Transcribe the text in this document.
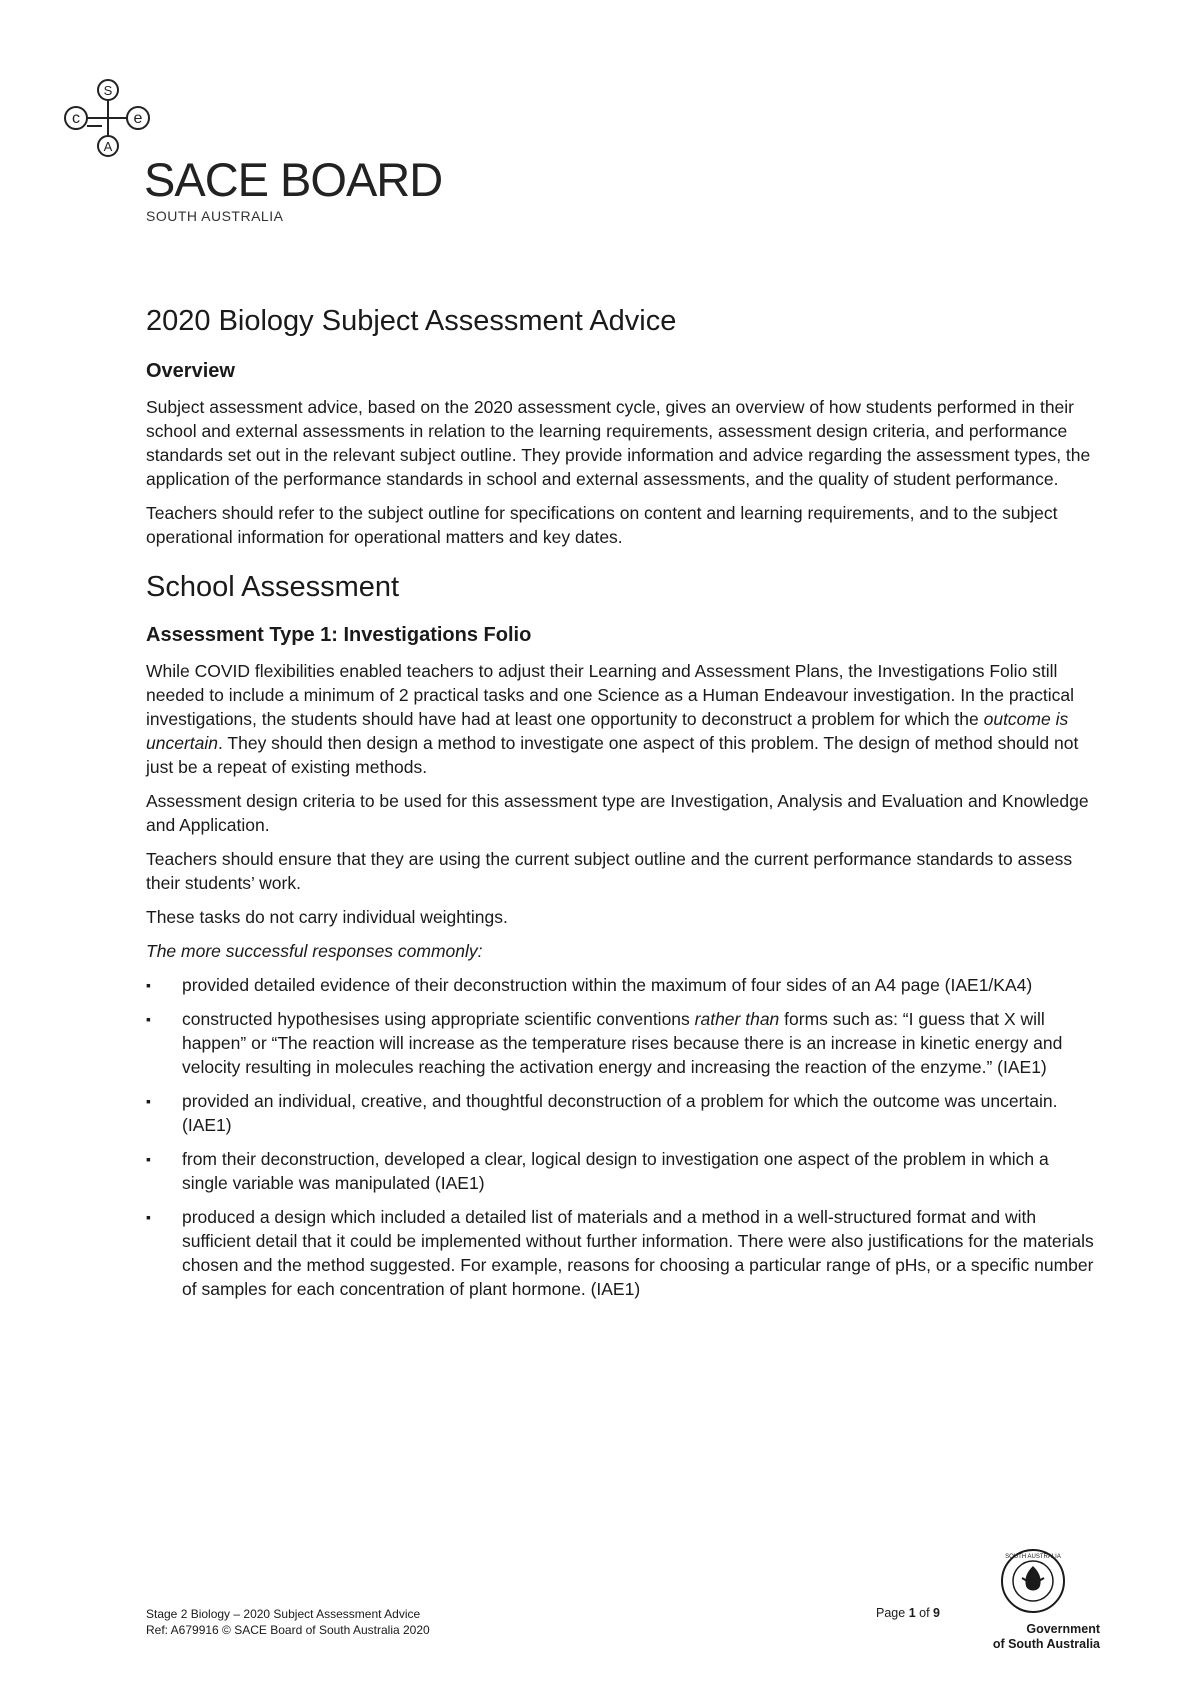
S
c	e
A
SACE BOARD
SOUTH AUSTRALIA
2020 Biology Subject Assessment Advice
Overview

Subject assessment advice, based on the 2020 assessment cycle, gives an overview of how students performed in their school and external assessments in relation to the learning requirements, assessment design criteria, and performance standards set out in the relevant subject outline. They provide information and advice regarding the assessment types, the application of the performance standards in school and external assessments, and the quality of student performance.

Teachers should refer to the subject outline for specifications on content and learning requirements, and to the subject operational information for operational matters and key dates.

School Assessment
Assessment Type 1: Investigations Folio

While COVID flexibilities enabled teachers to adjust their Learning and Assessment Plans, the Investigations Folio still needed to include a minimum of 2 practical tasks and one Science as a Human Endeavour investigation. In the practical investigations, the students should have had at least one opportunity to deconstruct a problem for which the outcome is uncertain. They should then design a method to investigate one aspect of this problem. The design of method should not just be a repeat of existing methods.

Assessment design criteria to be used for this assessment type are Investigation, Analysis and Evaluation and Knowledge and Application.

Teachers should ensure that they are using the current subject outline and the current performance standards to assess their students’ work.

These tasks do not carry individual weightings.

The more successful responses commonly:

▪ provided detailed evidence of their deconstruction within the maximum of four sides of an A4 page (IAE1/KA4)
▪ constructed hypothesises using appropriate scientific conventions rather than forms such as: “I guess that X will happen” or “The reaction will increase as the temperature rises because there is an increase in kinetic energy and velocity resulting in molecules reaching the activation energy and increasing the reaction of the enzyme.” (IAE1)
▪ provided an individual, creative, and thoughtful deconstruction of a problem for which the outcome was uncertain. (IAE1)
▪ from their deconstruction, developed a clear, logical design to investigation one aspect of the problem in which a single variable was manipulated (IAE1)
▪ produced a design which included a detailed list of materials and a method in a well-structured format and with sufficient detail that it could be implemented without further information. There were also justifications for the materials chosen and the method suggested. For example, reasons for choosing a particular range of pHs, or a specific number of samples for each concentration of plant hormone. (IAE1)
Stage 2 Biology – 2020 Subject Assessment Advice
Ref: A679916 © SACE Board of South Australia 2020
Page 1 of 9
SOUTH AUSTRALIA
Government
of South Australia
